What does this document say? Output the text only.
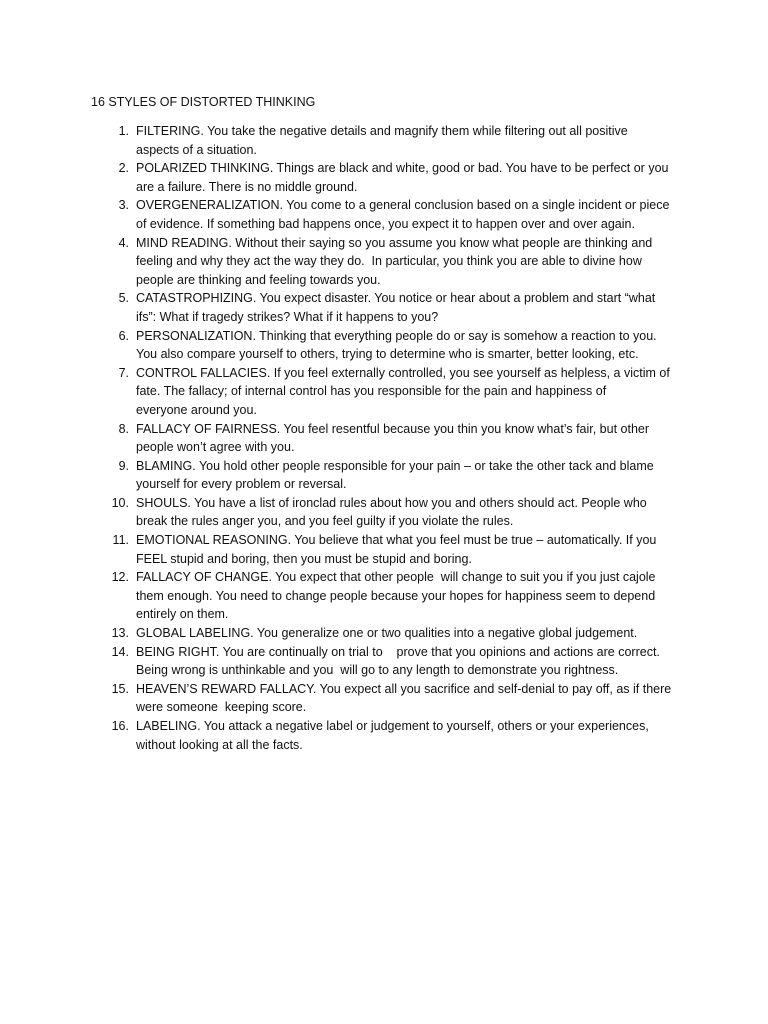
16 STYLES OF DISTORTED THINKING
1. FILTERING. You take the negative details and magnify them while filtering out all positive
aspects of a situation.
2. POLARIZED THINKING. Things are black and white, good or bad. You have to be perfect or you
are a failure. There is no middle ground.
3. OVERGENERALIZATION. You come to a general conclusion based on a single incident or piece
of evidence. If something bad happens once, you expect it to happen over and over again.
4. MIND READING. Without their saying so you assume you know what people are thinking and
feeling and why they act the way they do.  In particular, you think you are able to divine how
people are thinking and feeling towards you.
5. CATASTROPHIZING. You expect disaster. You notice or hear about a problem and start “what
ifs”: What if tragedy strikes? What if it happens to you?
6. PERSONALIZATION. Thinking that everything people do or say is somehow a reaction to you.
You also compare yourself to others, trying to determine who is smarter, better looking, etc.
7. CONTROL FALLACIES. If you feel externally controlled, you see yourself as helpless, a victim of
fate. The fallacy; of internal control has you responsible for the pain and happiness of
everyone around you.
8. FALLACY OF FAIRNESS. You feel resentful because you thin you know what’s fair, but other
people won’t agree with you.
9. BLAMING. You hold other people responsible for your pain – or take the other tack and blame
yourself for every problem or reversal.
10. SHOULS. You have a list of ironclad rules about how you and others should act. People who
break the rules anger you, and you feel guilty if you violate the rules.
11. EMOTIONAL REASONING. You believe that what you feel must be true – automatically. If you
FEEL stupid and boring, then you must be stupid and boring.
12. FALLACY OF CHANGE. You expect that other people  will change to suit you if you just cajole
them enough. You need to change people because your hopes for happiness seem to depend
entirely on them.
13. GLOBAL LABELING. You generalize one or two qualities into a negative global judgement.
14. BEING RIGHT. You are continually on trial to    prove that you opinions and actions are correct.
Being wrong is unthinkable and you  will go to any length to demonstrate you rightness.
15. HEAVEN’S REWARD FALLACY. You expect all you sacrifice and self-denial to pay off, as if there
were someone  keeping score.
16. LABELING. You attack a negative label or judgement to yourself, others or your experiences,
without looking at all the facts.
